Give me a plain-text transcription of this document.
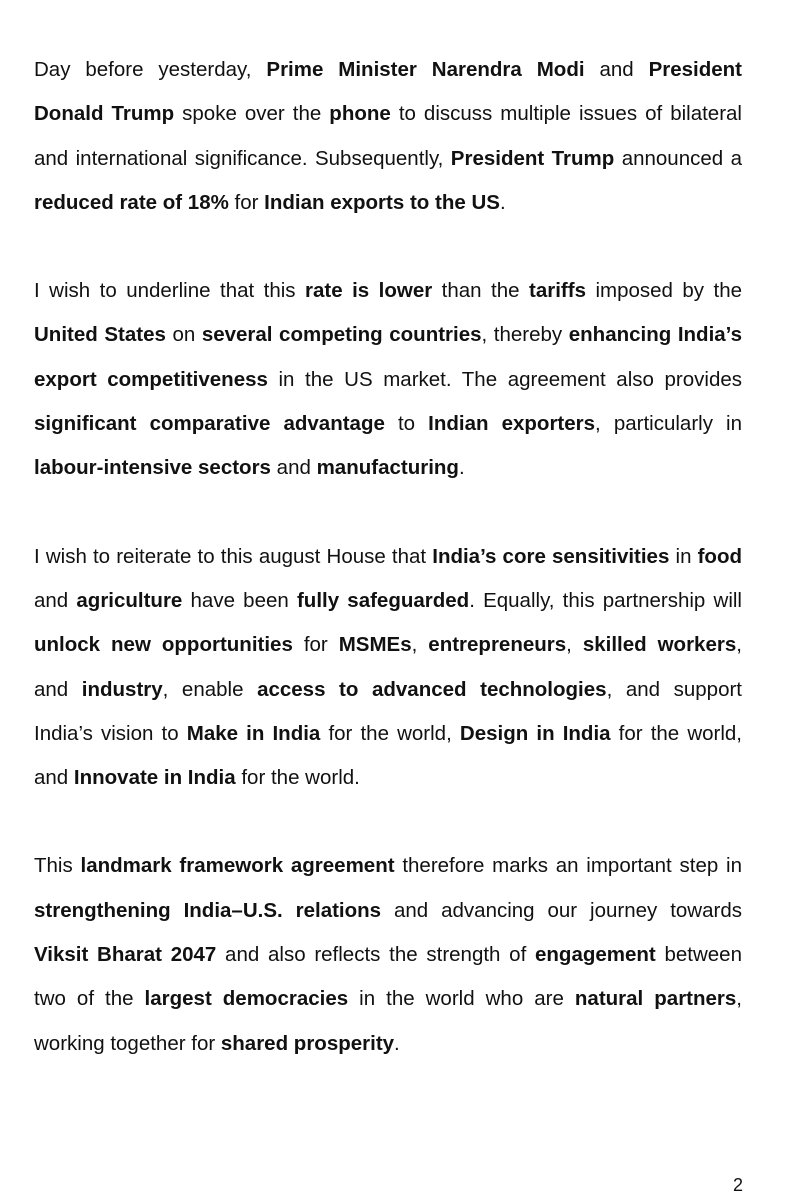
Day before yesterday, Prime Minister Narendra Modi and President Donald Trump spoke over the phone to discuss multiple issues of bilateral and international significance. Subsequently, President Trump announced a reduced rate of 18% for Indian exports to the US.

I wish to underline that this rate is lower than the tariffs imposed by the United States on several competing countries, thereby enhancing India’s export competitiveness in the US market. The agreement also provides significant comparative advantage to Indian exporters, particularly in labour-intensive sectors and manufacturing.

I wish to reiterate to this august House that India’s core sensitivities in food and agriculture have been fully safeguarded. Equally, this partnership will unlock new opportunities for MSMEs, entrepreneurs, skilled workers, and industry, enable access to advanced technologies, and support India’s vision to Make in India for the world, Design in India for the world, and Innovate in India for the world.

This landmark framework agreement therefore marks an important step in strengthening India–U.S. relations and advancing our journey towards Viksit Bharat 2047 and also reflects the strength of engagement between two of the largest democracies in the world who are natural partners, working together for shared prosperity.

2
